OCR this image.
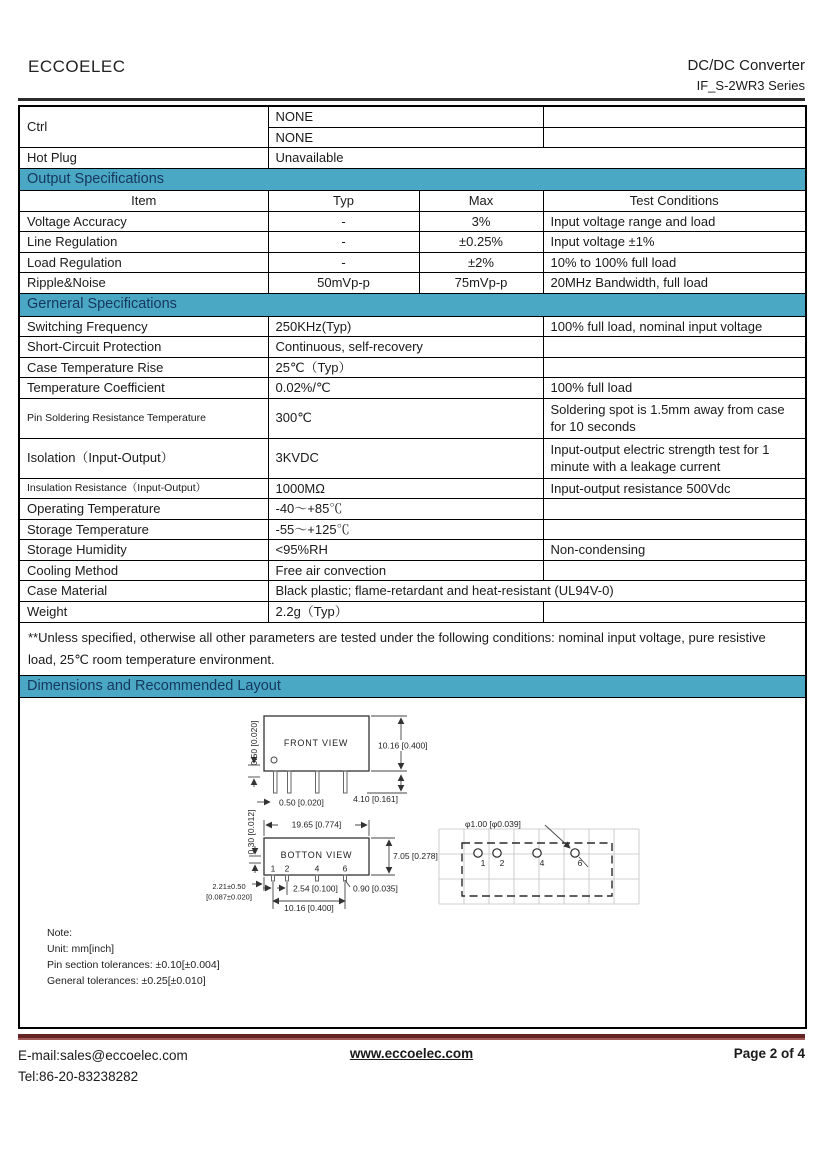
ECCOELEC	DC/DC Converter
IF_S-2WR3 Series
Ctrl	NONE		
	NONE		
Hot Plug	Unavailable		
Output Specifications			
Item	Typ	Max	Test Conditions
Voltage Accuracy	-	3%	Input voltage range and load
Line Regulation	-	±0.25%	Input voltage ±1%
Load Regulation	-	±2%	10% to 100% full load
Ripple&Noise	50mVp-p	75mVp-p	20MHz Bandwidth, full load
Gerneral Specifications			
Switching Frequency	250KHz(Typ)		100% full load, nominal input voltage
Short-Circuit Protection	Continuous, self-recovery		
Case Temperature Rise	25℃（Typ）		
Temperature Coefficient	0.02%/℃		100% full load
Pin Soldering Resistance Temperature	300℃		Soldering spot is 1.5mm away from case for 10 seconds
Isolation（Input-Output）	3KVDC		Input-output electric strength test for 1 minute with a leakage current
Insulation Resistance（Input-Output）	1000MΩ		Input-output resistance 500Vdc
Operating Temperature	-40～+85℃		
Storage Temperature	-55～+125℃		
Storage Humidity	<95%RH		Non-condensing
Cooling Method	Free air convection		
Case Material	Black plastic; flame-retardant and heat-resistant (UL94V-0)		
Weight	2.2g（Typ）		
**Unless specified, otherwise all other parameters are tested under the following conditions: nominal input voltage, pure resistive load, 25℃ room temperature environment.			
Dimensions and Recommended Layout			

FRONT VIEW
0.50 [0.020]	10.16 [0.400]
4.10 [0.161]
0.50 [0.020]
19.65 [0.774]
BOTTON VIEW
1 2	4	6
7.05 [0.278]
0.30 [0.012]
2.21±0.50
[0.087±0.020]
2.54 [0.100] 0.90 [0.035]
10.16 [0.400]
1 2	4	6
φ1.00 [φ0.039]
Note:
Unit: mm[inch]
Pin section tolerances: ±0.10[±0.004]
General tolerances: ±0.25[±0.010]
E-mail:sales@eccoelec.com
Tel:86-20-83238282
www.eccoelec.com	Page 2 of 4
